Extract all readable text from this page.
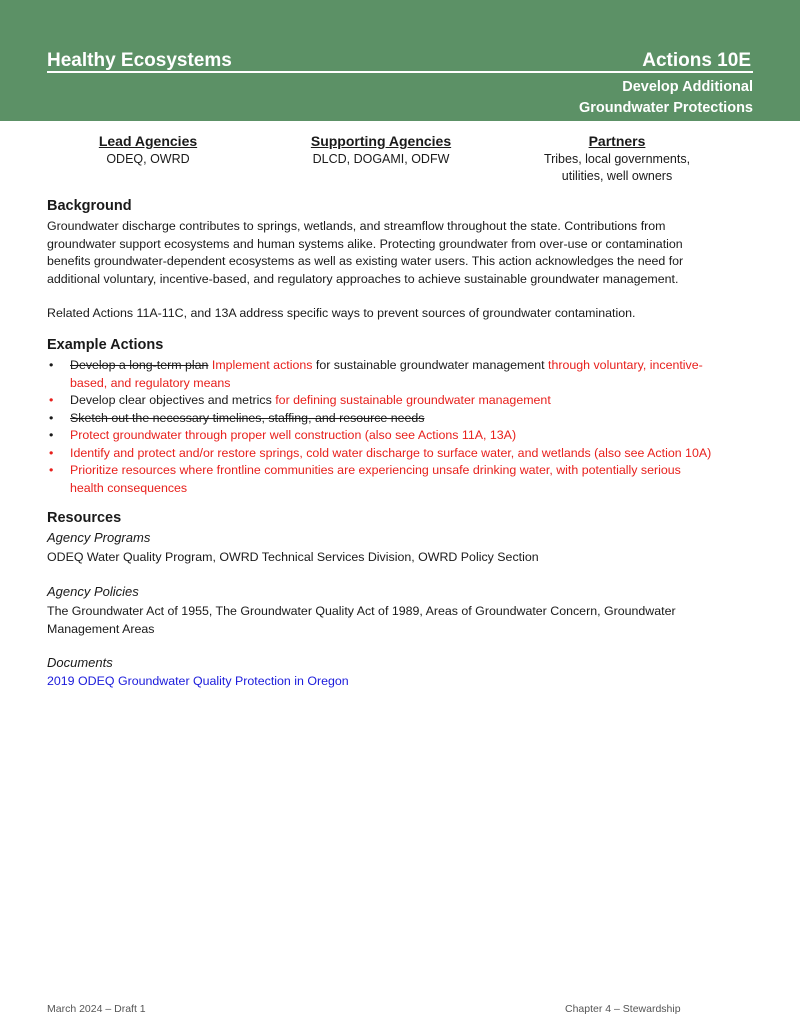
Healthy Ecosystems	Actions 10E
Develop Additional
Groundwater Protections
Lead Agencies
ODEQ, OWRD
Supporting Agencies
DLCD, DOGAMI, ODFW
Partners
Tribes, local governments,
utilities, well owners
Background
Groundwater discharge contributes to springs, wetlands, and streamflow throughout the state. Contributions from
groundwater support ecosystems and human systems alike. Protecting groundwater from over-use or contamination
benefits groundwater-dependent ecosystems as well as existing water users. This action acknowledges the need for
additional voluntary, incentive-based, and regulatory approaches to achieve sustainable groundwater management.
Related Actions 11A-11C, and 13A address specific ways to prevent sources of groundwater contamination.
Example Actions
• Develop a long-term plan Implement actions for sustainable groundwater management through voluntary, incentive-
based, and regulatory means
• Develop clear objectives and metrics for defining sustainable groundwater management
• Sketch out the necessary timelines, staffing, and resource needs
• Protect groundwater through proper well construction (also see Actions 11A, 13A)
• Identify and protect and/or restore springs, cold water discharge to surface water, and wetlands (also see Action 10A)
• Prioritize resources where frontline communities are experiencing unsafe drinking water, with potentially serious
health consequences
Resources
Agency Programs
ODEQ Water Quality Program, OWRD Technical Services Division, OWRD Policy Section
Agency Policies
The Groundwater Act of 1955, The Groundwater Quality Act of 1989, Areas of Groundwater Concern, Groundwater
Management Areas
Documents
2019 ODEQ Groundwater Quality Protection in Oregon
March 2024 – Draft 1	Chapter 4 – Stewardship
